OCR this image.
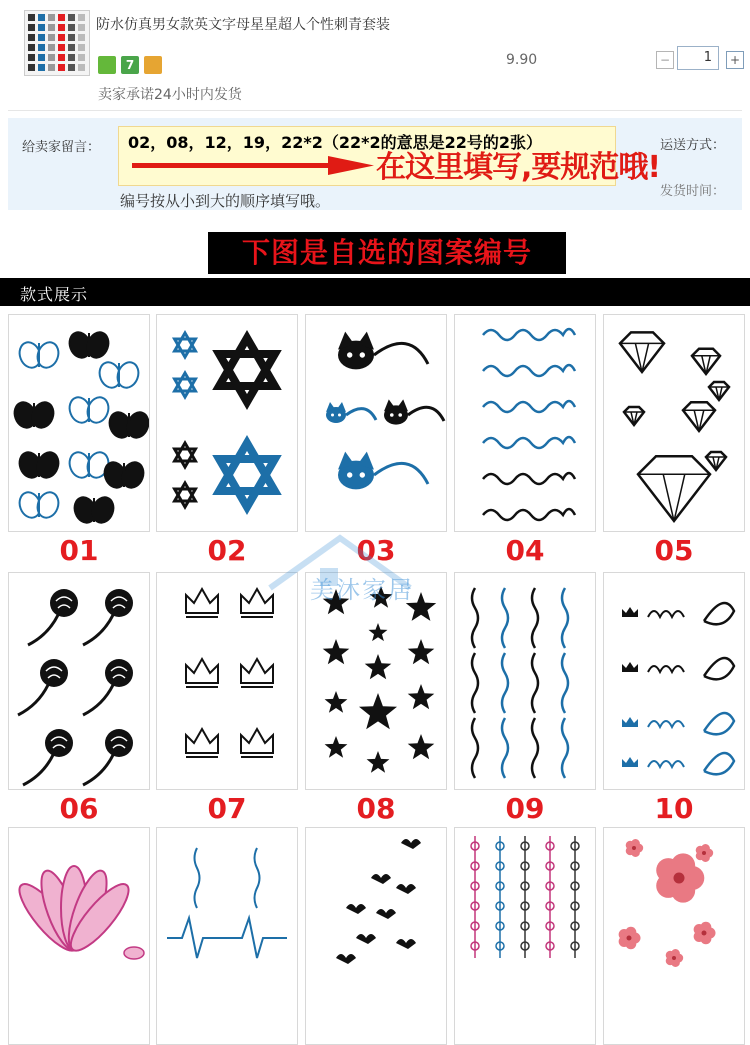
防水仿真男女款英文字母星星超人个性刺青套装
7	9.90	−	1	+
卖家承诺24小时内发货
给卖家留言： 02，08，12，19，22*2（22*2的意思是22号的2张）
在这里填写,要规范哦!
编号按从小到大的顺序填写哦。
运送方式：
发货时间：
下图是自选的图案编号
款式展示
01	02	03	04	05
06	07	08	09	10
美沐家居
